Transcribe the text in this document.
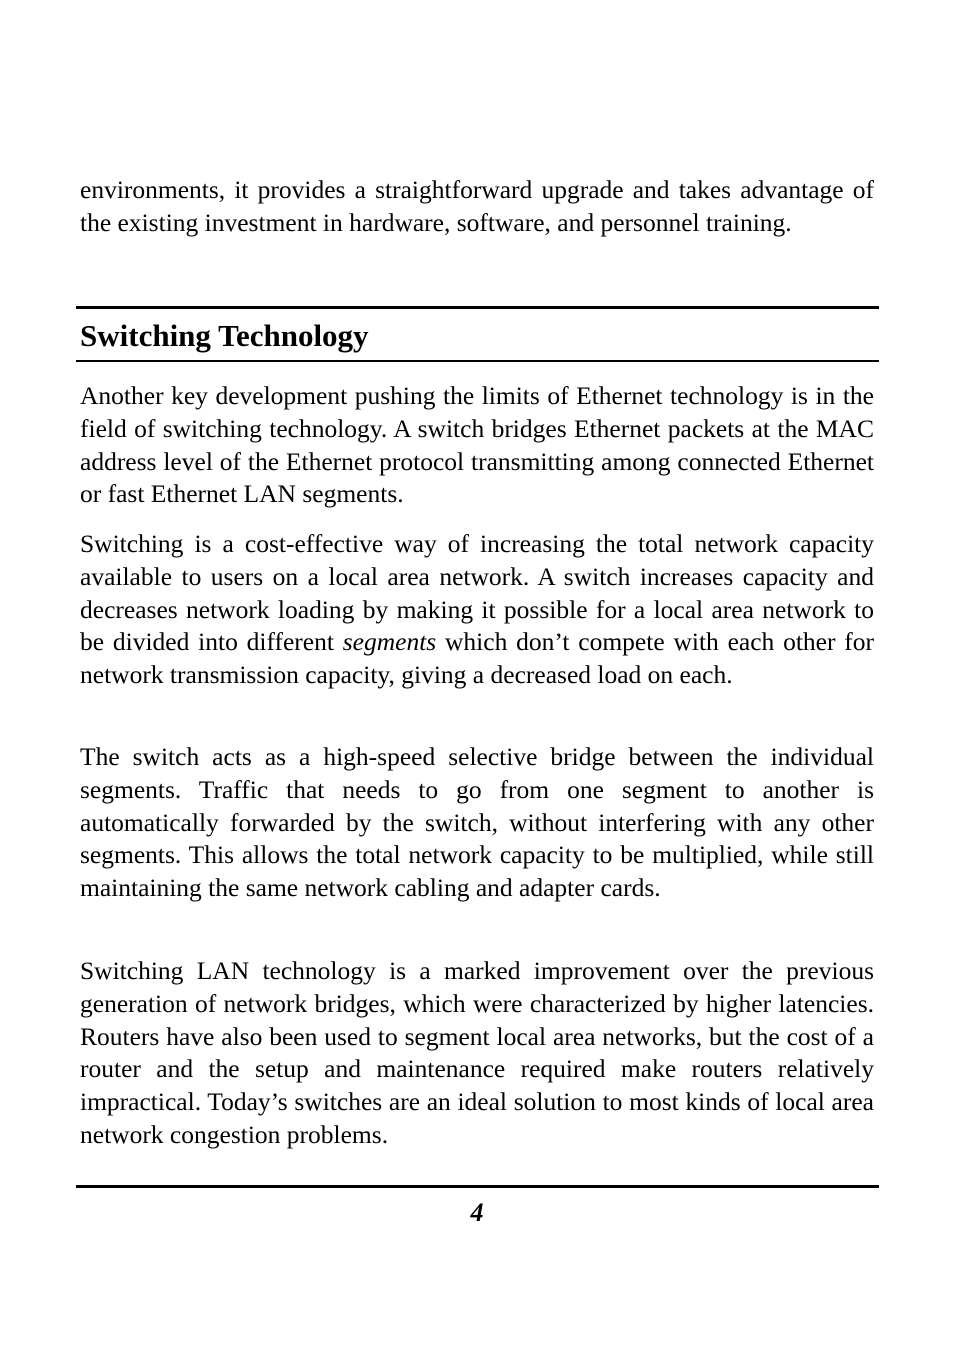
environments, it provides a straightforward upgrade and takes advantage of the existing investment in hardware, software, and personnel training.

Switching Technology

Another key development pushing the limits of Ethernet technology is in the field of switching technology. A switch bridges Ethernet packets at the MAC address level of the Ethernet protocol transmitting among connected Ethernet or fast Ethernet LAN segments.

Switching is a cost-effective way of increasing the total network capacity available to users on a local area network. A switch increases capacity and decreases network loading by making it possible for a local area network to be divided into different segments which don’t compete with each other for network transmission capacity, giving a decreased load on each.

The switch acts as a high-speed selective bridge between the individual segments. Traffic that needs to go from one segment to another is automatically forwarded by the switch, without interfering with any other segments. This allows the total network capacity to be multiplied, while still maintaining the same network cabling and adapter cards.

Switching LAN technology is a marked improvement over the previous generation of network bridges, which were characterized by higher latencies. Routers have also been used to segment local area networks, but the cost of a router and the setup and maintenance required make routers relatively impractical. Today’s switches are an ideal solution to most kinds of local area network congestion problems.

4
